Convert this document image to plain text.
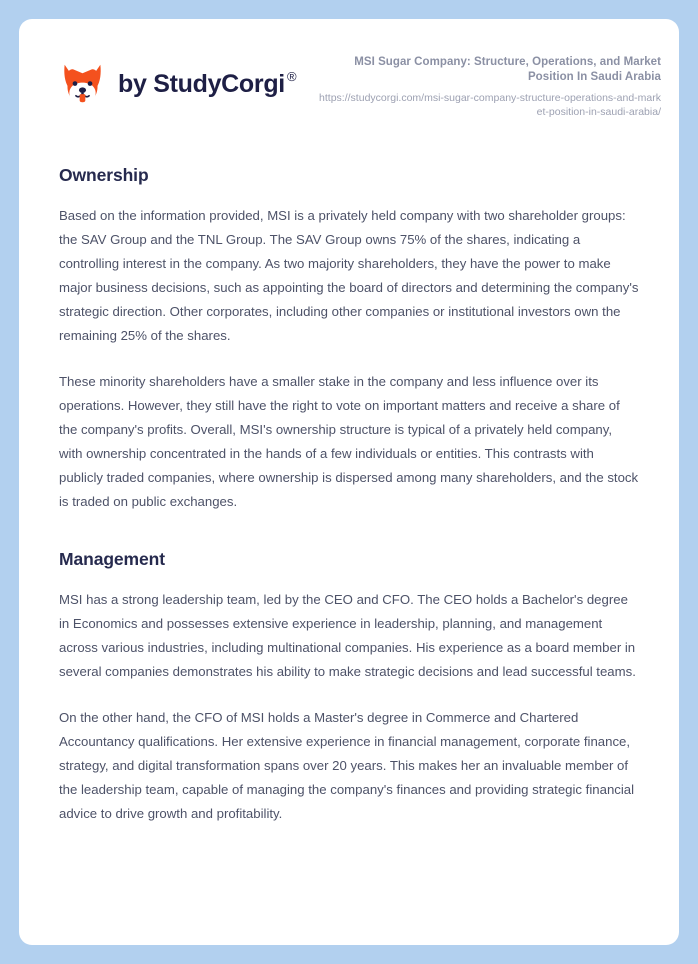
by StudyCorgi ®

MSI Sugar Company: Structure, Operations, and Market Position In Saudi Arabia

https://studycorgi.com/msi-sugar-company-structure-operations-and-market-position-in-saudi-arabia/

Ownership

Based on the information provided, MSI is a privately held company with two shareholder groups: the SAV Group and the TNL Group. The SAV Group owns 75% of the shares, indicating a controlling interest in the company. As two majority shareholders, they have the power to make major business decisions, such as appointing the board of directors and determining the company's strategic direction. Other corporates, including other companies or institutional investors own the remaining 25% of the shares.

These minority shareholders have a smaller stake in the company and less influence over its operations. However, they still have the right to vote on important matters and receive a share of the company's profits. Overall, MSI's ownership structure is typical of a privately held company, with ownership concentrated in the hands of a few individuals or entities. This contrasts with publicly traded companies, where ownership is dispersed among many shareholders, and the stock is traded on public exchanges.

Management

MSI has a strong leadership team, led by the CEO and CFO. The CEO holds a Bachelor's degree in Economics and possesses extensive experience in leadership, planning, and management across various industries, including multinational companies. His experience as a board member in several companies demonstrates his ability to make strategic decisions and lead successful teams.

On the other hand, the CFO of MSI holds a Master's degree in Commerce and Chartered Accountancy qualifications. Her extensive experience in financial management, corporate finance, strategy, and digital transformation spans over 20 years. This makes her an invaluable member of the leadership team, capable of managing the company's finances and providing strategic financial advice to drive growth and profitability.
